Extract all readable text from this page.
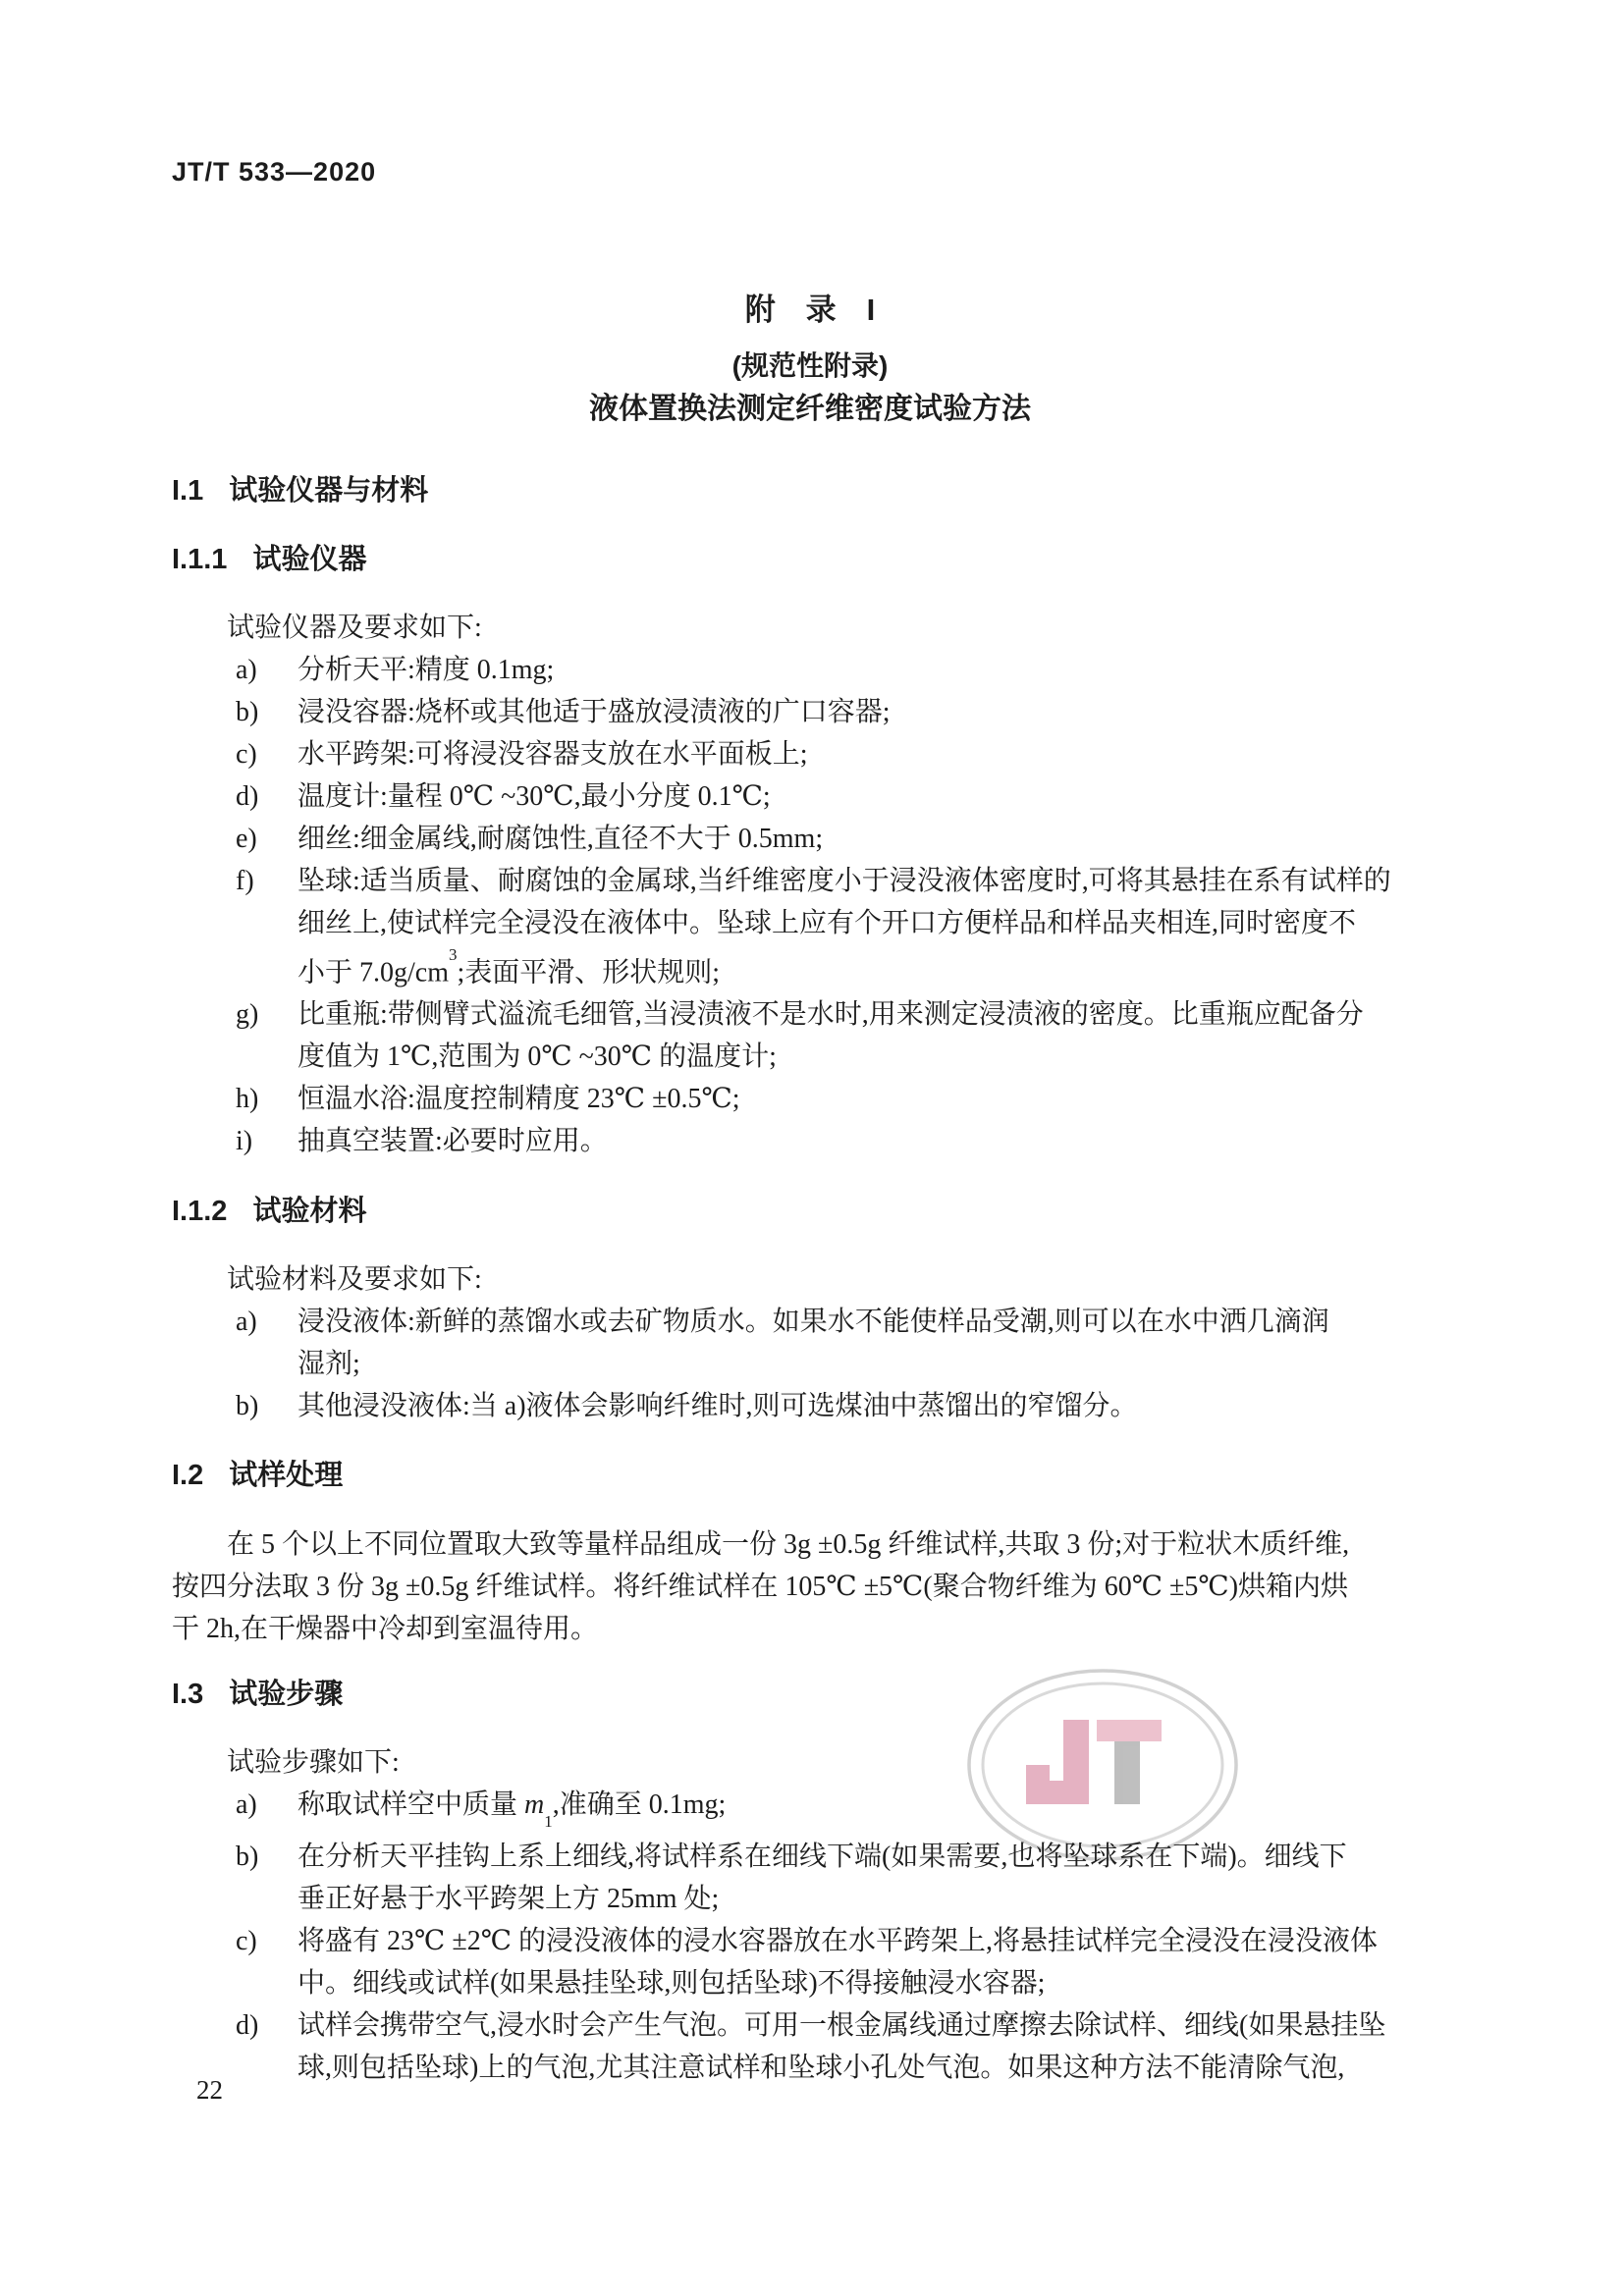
JT/T 533—2020
附　录　I
(规范性附录)
液体置换法测定纤维密度试验方法
I.1 试验仪器与材料
I.1.1 试验仪器
试验仪器及要求如下:
a) 分析天平:精度 0.1mg;
b) 浸没容器:烧杯或其他适于盛放浸渍液的广口容器;
c) 水平跨架:可将浸没容器支放在水平面板上;
d) 温度计:量程 0℃ ~30℃,最小分度 0.1℃;
e) 细丝:细金属线,耐腐蚀性,直径不大于 0.5mm;
f) 坠球:适当质量、耐腐蚀的金属球,当纤维密度小于浸没液体密度时,可将其悬挂在系有试样的
细丝上,使试样完全浸没在液体中。坠球上应有个开口方便样品和样品夹相连,同时密度不
小于 $7.0g/cm^3$;表面平滑、形状规则;
g) 比重瓶:带侧臂式溢流毛细管,当浸渍液不是水时,用来测定浸渍液的密度。比重瓶应配备分
度值为 1℃,范围为 0℃ ~30℃ 的温度计;
h) 恒温水浴:温度控制精度 23℃ ±0.5℃;
i) 抽真空装置:必要时应用。
I.1.2 试验材料
试验材料及要求如下:
a) 浸没液体:新鲜的蒸馏水或去矿物质水。如果水不能使样品受潮,则可以在水中洒几滴润
湿剂;
b) 其他浸没液体:当 a)液体会影响纤维时,则可选煤油中蒸馏出的窄馏分。
I.2 试样处理
在 5 个以上不同位置取大致等量样品组成一份 3g ±0.5g 纤维试样,共取 3 份;对于粒状木质纤维,
按四分法取 3 份 3g ±0.5g 纤维试样。将纤维试样在 105℃ ±5℃(聚合物纤维为 60℃ ±5℃)烘箱内烘
干 2h,在干燥器中冷却到室温待用。
I.3 试验步骤
试验步骤如下:
a) 称取试样空中质量 $m_1$,准确至 0.1mg;
b) 在分析天平挂钩上系上细线,将试样系在细线下端(如果需要,也将坠球系在下端)。细线下
垂正好悬于水平跨架上方 25mm 处;
c) 将盛有 23℃ ±2℃ 的浸没液体的浸水容器放在水平跨架上,将悬挂试样完全浸没在浸没液体
中。细线或试样(如果悬挂坠球,则包括坠球)不得接触浸水容器;
d) 试样会携带空气,浸水时会产生气泡。可用一根金属线通过摩擦去除试样、细线(如果悬挂坠
球,则包括坠球)上的气泡,尤其注意试样和坠球小孔处气泡。如果这种方法不能清除气泡,
22
